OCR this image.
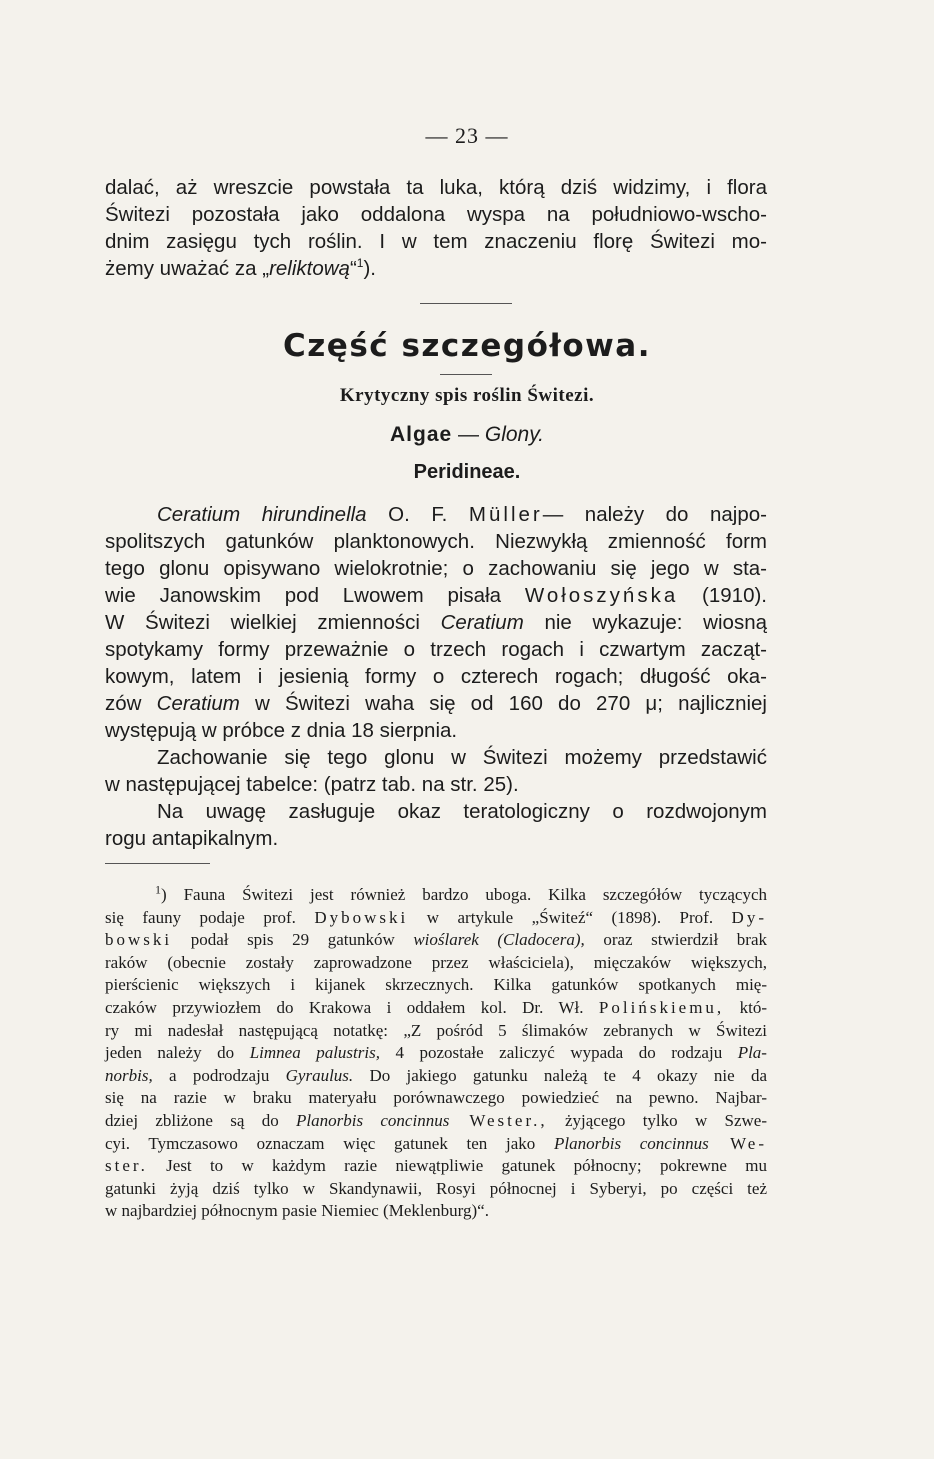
— 23 —
dalać, aż wreszcie powstała ta luka, którą dziś widzimy, i flora
Świtezi pozostała jako oddalona wyspa na południowo-wscho-
dnim zasięgu tych roślin. I w tem znaczeniu florę Świtezi mo-
żemy uważać za „reliktową“$^1$).
Część szczegółowa.
Krytyczny spis roślin Świtezi.
Algae — Glony.
Peridineae.
Ceratium hirundinella O. F. Müller— należy do najpo-
spolitszych gatunków planktonowych. Niezwykłą zmienność form
tego glonu opisywano wielokrotnie; o zachowaniu się jego w sta-
wie Janowskim pod Lwowem pisała Wołoszyńska (1910).
W Świtezi wielkiej zmienności Ceratium nie wykazuje: wiosną
spotykamy formy przeważnie o trzech rogach i czwartym zacząt-
kowym, latem i jesienią formy o czterech rogach; długość oka-
zów Ceratium w Świtezi waha się od 160 do 270 μ; najliczniej
występują w próbce z dnia 18 sierpnia.
Zachowanie się tego glonu w Świtezi możemy przedstawić
w następującej tabelce: (patrz tab. na str. 25).
Na uwagę zasługuje okaz teratologiczny o rozdwojonym
rogu antapikalnym.
$^1$) Fauna Świtezi jest również bardzo uboga. Kilka szczegółów tyczących
się fauny podaje prof. Dybowski w artykule „Świteź“ (1898). Prof. Dy-
bowski podał spis 29 gatunków wioślarek (Cladocera), oraz stwierdził brak
raków (obecnie zostały zaprowadzone przez właściciela), mięczaków większych,
pierścienic większych i kijanek skrzecznych. Kilka gatunków spotkanych mię-
czaków przywiozłem do Krakowa i oddałem kol. Dr. Wł. Polińskiemu, któ-
ry mi nadesłał następującą notatkę: „Z pośród 5 ślimaków zebranych w Świtezi
jeden należy do Limnea palustris, 4 pozostałe zaliczyć wypada do rodzaju Pla-
norbis, a podrodzaju Gyraulus. Do jakiego gatunku należą te 4 okazy nie da
się na razie w braku materyału porównawczego powiedzieć na pewno. Najbar-
dziej zbliżone są do Planorbis concinnus Wester., żyjącego tylko w Szwe-
cyi. Tymczasowo oznaczam więc gatunek ten jako Planorbis concinnus We-
ster. Jest to w każdym razie niewątpliwie gatunek północny; pokrewne mu
gatunki żyją dziś tylko w Skandynawii, Rosyi północnej i Syberyi, po części też
w najbardziej północnym pasie Niemiec (Meklenburg)“.
